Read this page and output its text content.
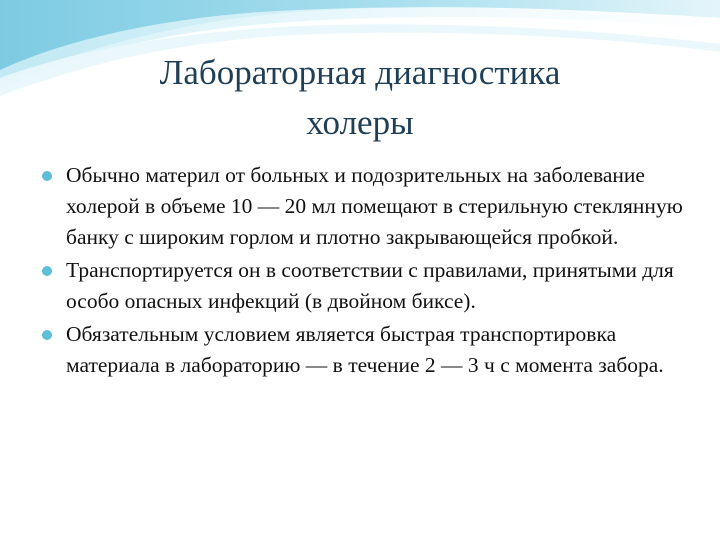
Лабораторная диагностика
холеры
Обычно материл от больных и подозрительных на заболевание холерой в объеме 10 — 20 мл помещают в стерильную стеклянную банку с широким горлом и плотно закрывающейся пробкой.
Транспортируется он в соответствии с правилами, принятыми для особо опасных инфекций (в двойном биксе).
Обязательным условием является быстрая транспортировка материала в лабораторию — в течение 2 — 3 ч с момента забора.
